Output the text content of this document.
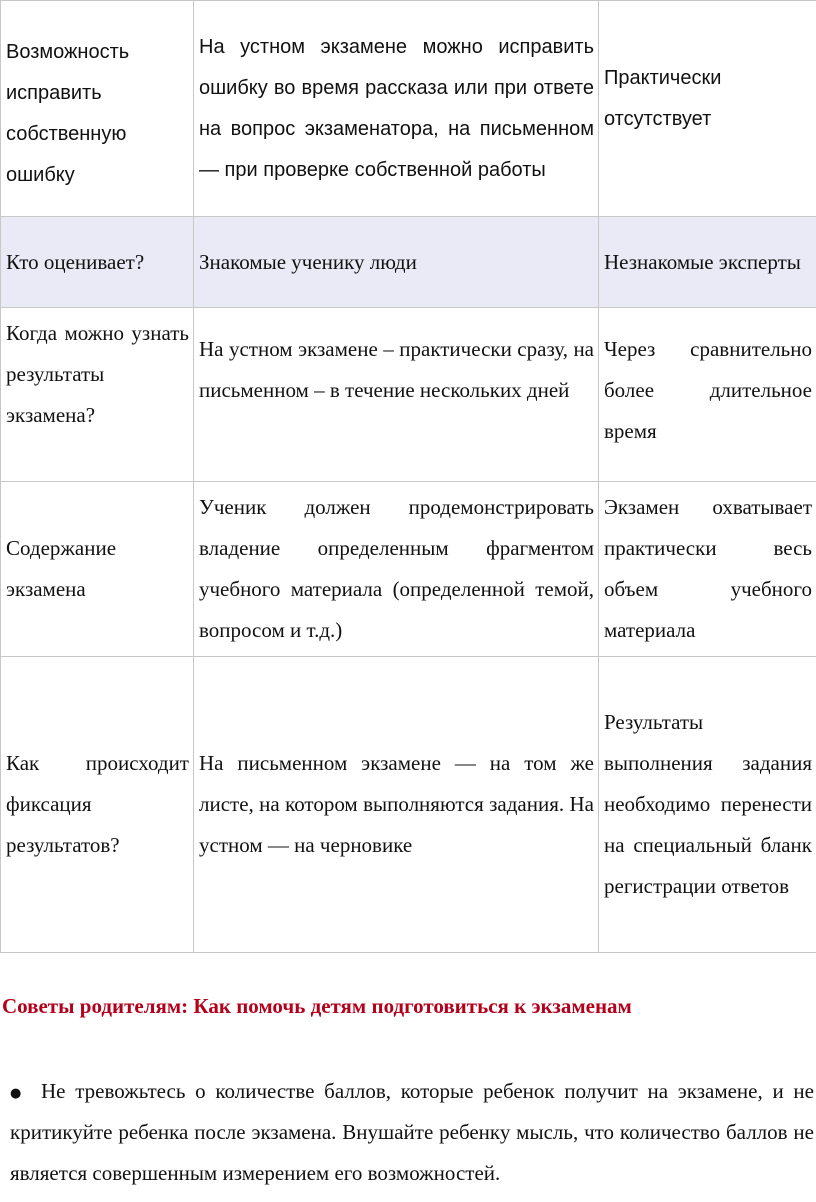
Возможность исправить собственную ошибку	На устном экзамене можно исправить ошибку во время рассказа или при ответе на вопрос экзаменатора, на письменном — при проверке собственной работы	Практически отсутствует
Кто оценивает?	Знакомые ученику люди	Незнакомые эксперты
Когда можно узнать результаты экзамена?	На устном экзамене – практически сразу, на письменном – в течение нескольких дней	Через сравнительно более длительное время
Содержание экзамена	Ученик должен продемонстрировать владение определенным фрагментом учебного материала (определенной темой, вопросом и т.д.)	Экзамен охватывает практически весь объем учебного материала
Как происходит фиксация результатов?	На письменном экзамене — на том же листе, на котором выполняются задания. На устном — на черновике	Результаты выполнения задания необходимо перенести на специальный бланк регистрации ответов
Советы родителям: Как помочь детям подготовиться к экзаменам
● Не тревожьтесь о количестве баллов, которые ребенок получит на экзамене, и не критикуйте ребенка после экзамена. Внушайте ребенку мысль, что количество баллов не является совершенным измерением его возможностей.
